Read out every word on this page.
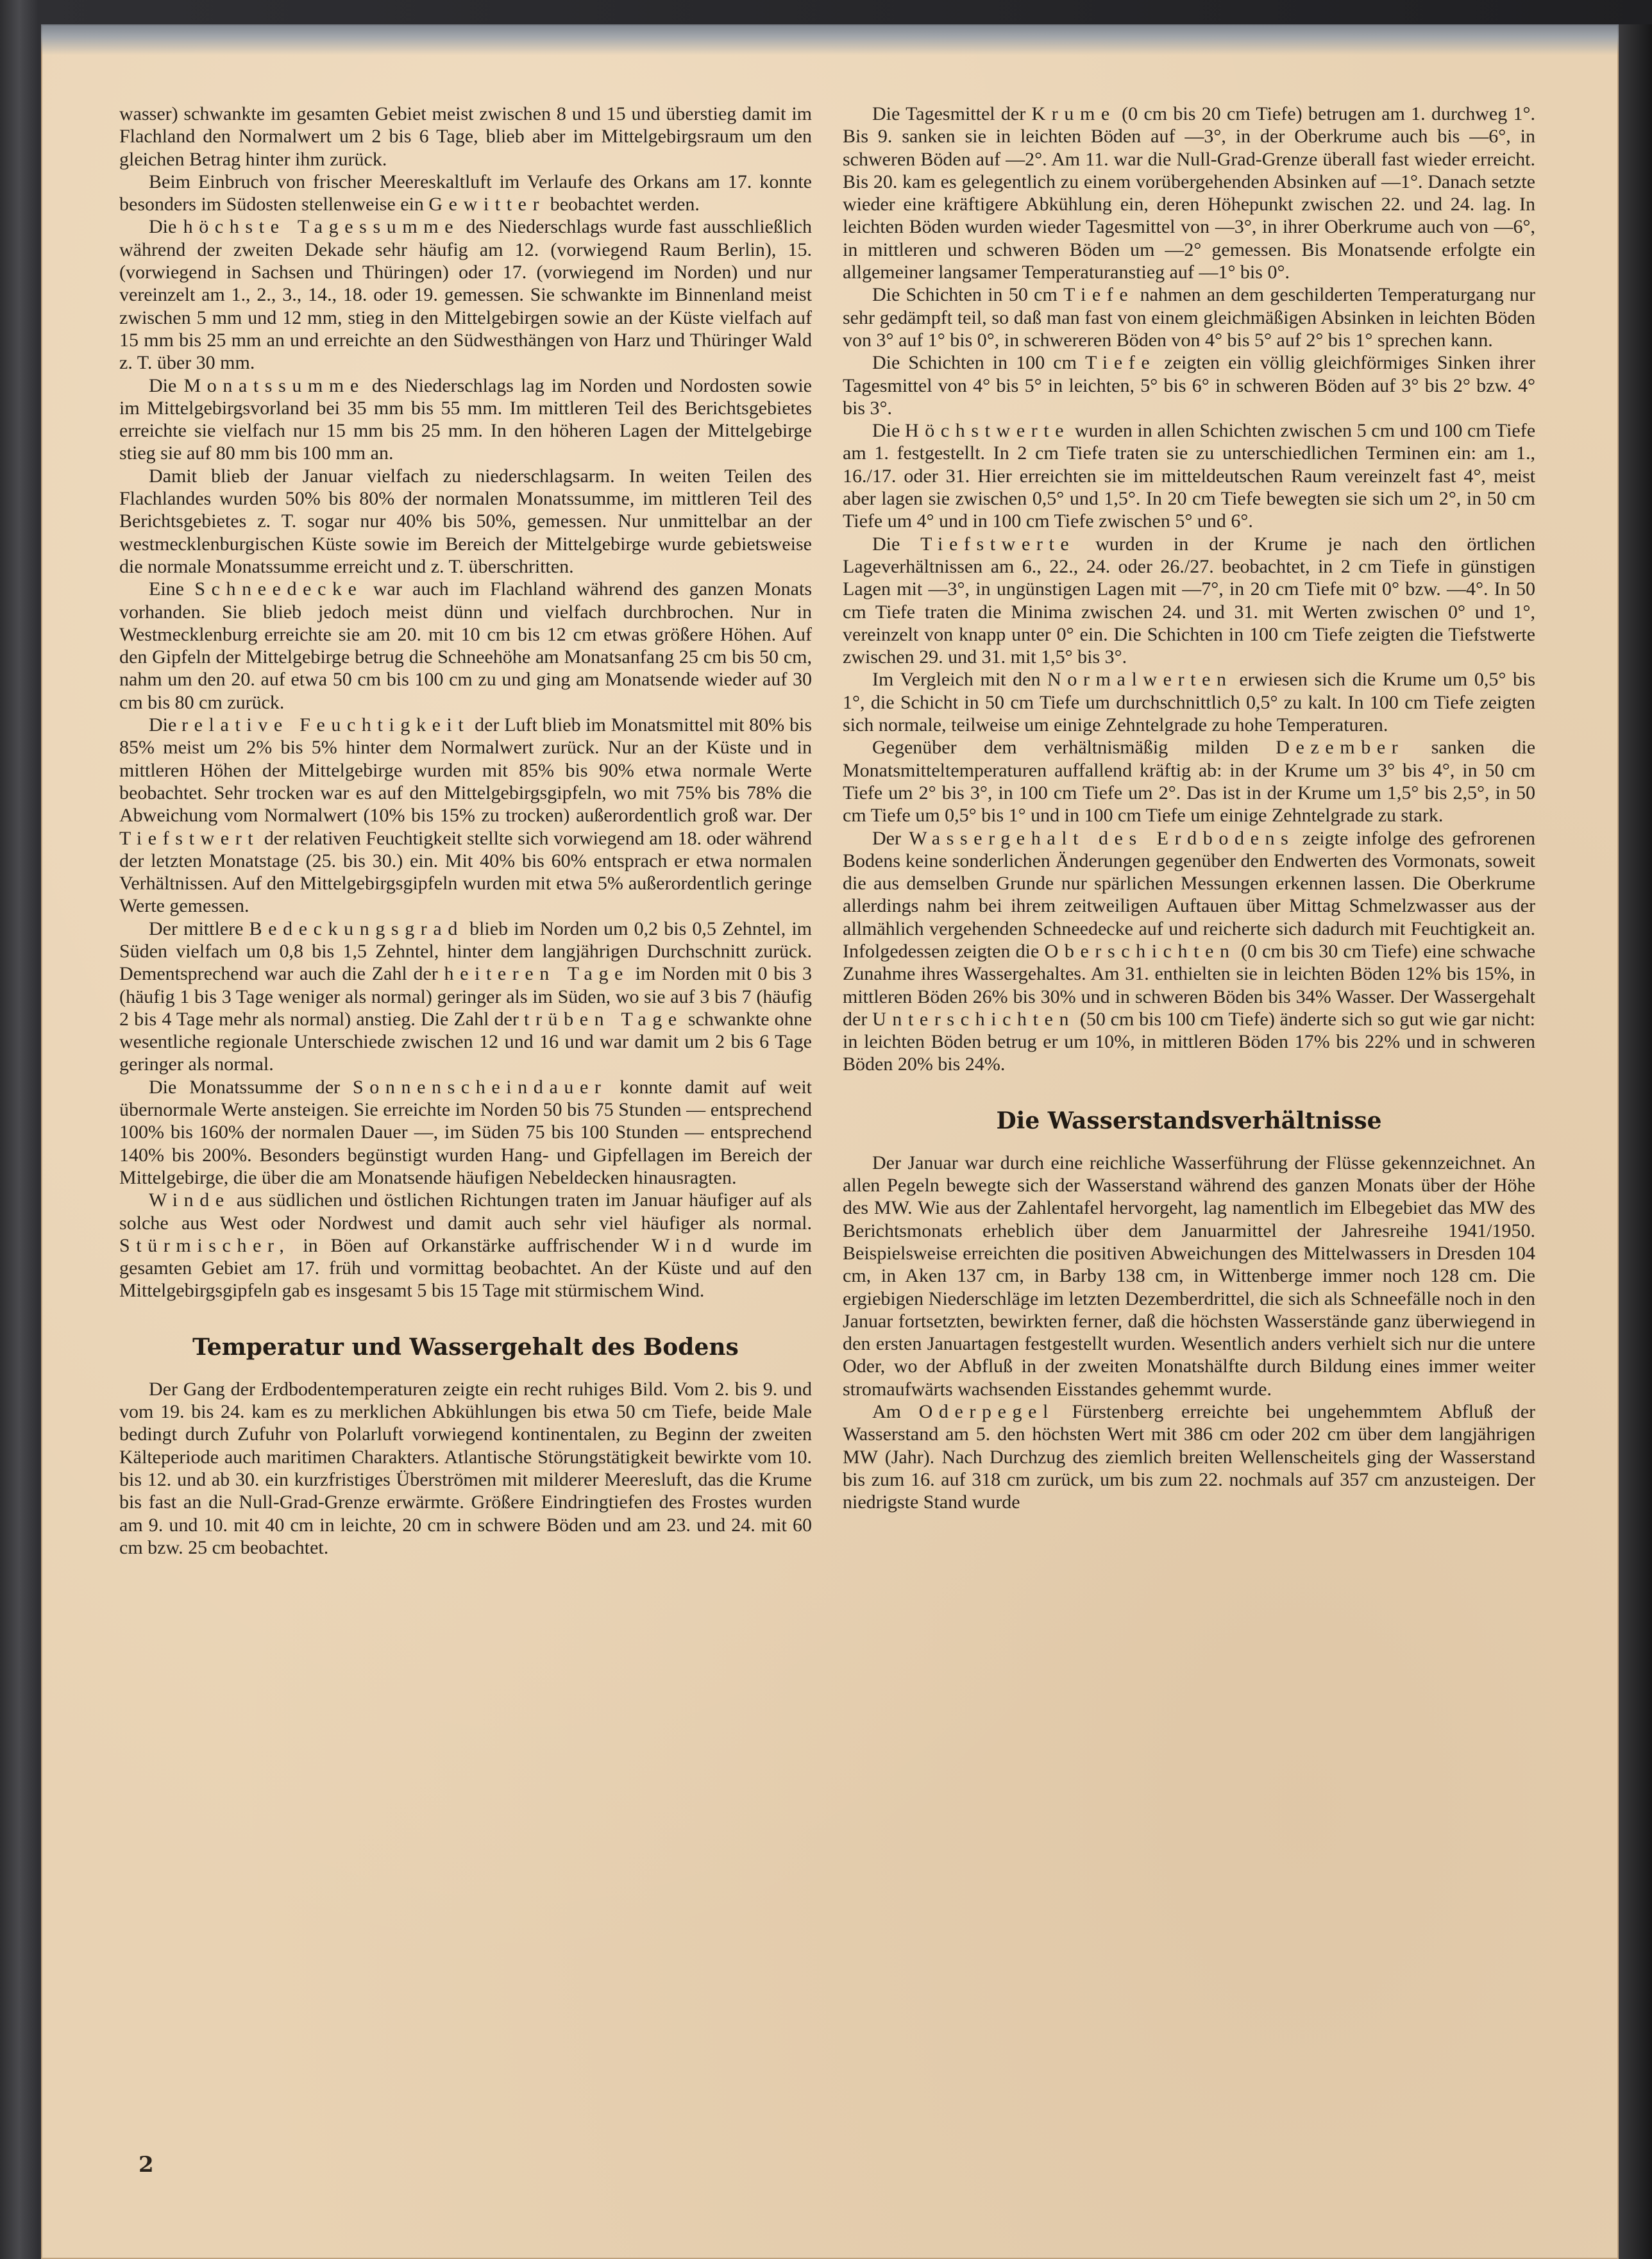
wasser) schwankte im gesamten Gebiet meist zwischen 8 und 15 und überstieg damit im Flachland den Normalwert um 2 bis 6 Tage, blieb aber im Mittelgebirgsraum um den gleichen Betrag hinter ihm zurück.

Beim Einbruch von frischer Meereskaltluft im Verlaufe des Orkans am 17. konnte besonders im Südosten stellenweise ein Gewitter beobachtet werden.

Die höchste Tagessumme des Niederschlags wurde fast ausschließlich während der zweiten Dekade sehr häufig am 12. (vorwiegend Raum Berlin), 15. (vorwiegend in Sachsen und Thüringen) oder 17. (vorwiegend im Norden) und nur vereinzelt am 1., 2., 3., 14., 18. oder 19. gemessen. Sie schwankte im Binnenland meist zwischen 5 mm und 12 mm, stieg in den Mittelgebirgen sowie an der Küste vielfach auf 15 mm bis 25 mm an und erreichte an den Südwesthängen von Harz und Thüringer Wald z. T. über 30 mm.

Die Monatssumme des Niederschlags lag im Norden und Nordosten sowie im Mittelgebirgsvorland bei 35 mm bis 55 mm. Im mittleren Teil des Berichtsgebietes erreichte sie vielfach nur 15 mm bis 25 mm. In den höheren Lagen der Mittelgebirge stieg sie auf 80 mm bis 100 mm an.

Damit blieb der Januar vielfach zu niederschlagsarm. In weiten Teilen des Flachlandes wurden 50% bis 80% der normalen Monatssumme, im mittleren Teil des Berichtsgebietes z. T. sogar nur 40% bis 50%, gemessen. Nur unmittelbar an der westmecklenburgischen Küste sowie im Bereich der Mittelgebirge wurde gebietsweise die normale Monatssumme erreicht und z. T. überschritten.

Eine Schneedecke war auch im Flachland während des ganzen Monats vorhanden. Sie blieb jedoch meist dünn und vielfach durchbrochen. Nur in Westmecklenburg erreichte sie am 20. mit 10 cm bis 12 cm etwas größere Höhen. Auf den Gipfeln der Mittelgebirge betrug die Schneehöhe am Monatsanfang 25 cm bis 50 cm, nahm um den 20. auf etwa 50 cm bis 100 cm zu und ging am Monatsende wieder auf 30 cm bis 80 cm zurück.

Die relative Feuchtigkeit der Luft blieb im Monatsmittel mit 80% bis 85% meist um 2% bis 5% hinter dem Normalwert zurück. Nur an der Küste und in mittleren Höhen der Mittelgebirge wurden mit 85% bis 90% etwa normale Werte beobachtet. Sehr trocken war es auf den Mittelgebirgsgipfeln, wo mit 75% bis 78% die Abweichung vom Normalwert (10% bis 15% zu trocken) außerordentlich groß war. Der Tiefstwert der relativen Feuchtigkeit stellte sich vorwiegend am 18. oder während der letzten Monatstage (25. bis 30.) ein. Mit 40% bis 60% entsprach er etwa normalen Verhältnissen. Auf den Mittelgebirgsgipfeln wurden mit etwa 5% außerordentlich geringe Werte gemessen.

Der mittlere Bedeckungsgrad blieb im Norden um 0,2 bis 0,5 Zehntel, im Süden vielfach um 0,8 bis 1,5 Zehntel, hinter dem langjährigen Durchschnitt zurück. Dementsprechend war auch die Zahl der heiteren Tage im Norden mit 0 bis 3 (häufig 1 bis 3 Tage weniger als normal) geringer als im Süden, wo sie auf 3 bis 7 (häufig 2 bis 4 Tage mehr als normal) anstieg. Die Zahl der trüben Tage schwankte ohne wesentliche regionale Unterschiede zwischen 12 und 16 und war damit um 2 bis 6 Tage geringer als normal.

Die Monatssumme der Sonnenscheindauer konnte damit auf weit übernormale Werte ansteigen. Sie erreichte im Norden 50 bis 75 Stunden — entsprechend 100% bis 160% der normalen Dauer —, im Süden 75 bis 100 Stunden — entsprechend 140% bis 200%. Besonders begünstigt wurden Hang- und Gipfellagen im Bereich der Mittelgebirge, die über die am Monatsende häufigen Nebeldecken hinausragten.

Winde aus südlichen und östlichen Richtungen traten im Januar häufiger auf als solche aus West oder Nordwest und damit auch sehr viel häufiger als normal. Stürmischer, in Böen auf Orkanstärke auffrischender Wind wurde im gesamten Gebiet am 17. früh und vormittag beobachtet. An der Küste und auf den Mittelgebirgsgipfeln gab es insgesamt 5 bis 15 Tage mit stürmischem Wind.

Temperatur und Wassergehalt des Bodens

Der Gang der Erdbodentemperaturen zeigte ein recht ruhiges Bild. Vom 2. bis 9. und vom 19. bis 24. kam es zu merklichen Abkühlungen bis etwa 50 cm Tiefe, beide Male bedingt durch Zufuhr von Polarluft vorwiegend kontinentalen, zu Beginn der zweiten Kälteperiode auch maritimen Charakters. Atlantische Störungstätigkeit bewirkte vom 10. bis 12. und ab 30. ein kurzfristiges Überströmen mit milderer Meeresluft, das die Krume bis fast an die Null-Grad-Grenze erwärmte. Größere Eindringtiefen des Frostes wurden am 9. und 10. mit 40 cm in leichte, 20 cm in schwere Böden und am 23. und 24. mit 60 cm bzw. 25 cm beobachtet.

Die Tagesmittel der Krume (0 cm bis 20 cm Tiefe) betrugen am 1. durchweg 1°. Bis 9. sanken sie in leichten Böden auf —3°, in der Oberkrume auch bis —6°, in schweren Böden auf —2°. Am 11. war die Null-Grad-Grenze überall fast wieder erreicht. Bis 20. kam es gelegentlich zu einem vorübergehenden Absinken auf —1°. Danach setzte wieder eine kräftigere Abkühlung ein, deren Höhepunkt zwischen 22. und 24. lag. In leichten Böden wurden wieder Tagesmittel von —3°, in ihrer Oberkrume auch von —6°, in mittleren und schweren Böden um —2° gemessen. Bis Monatsende erfolgte ein allgemeiner langsamer Temperaturanstieg auf —1° bis 0°.

Die Schichten in 50 cm Tiefe nahmen an dem geschilderten Temperaturgang nur sehr gedämpft teil, so daß man fast von einem gleichmäßigen Absinken in leichten Böden von 3° auf 1° bis 0°, in schwereren Böden von 4° bis 5° auf 2° bis 1° sprechen kann.

Die Schichten in 100 cm Tiefe zeigten ein völlig gleichförmiges Sinken ihrer Tagesmittel von 4° bis 5° in leichten, 5° bis 6° in schweren Böden auf 3° bis 2° bzw. 4° bis 3°.

Die Höchstwerte wurden in allen Schichten zwischen 5 cm und 100 cm Tiefe am 1. festgestellt. In 2 cm Tiefe traten sie zu unterschiedlichen Terminen ein: am 1., 16./17. oder 31. Hier erreichten sie im mitteldeutschen Raum vereinzelt fast 4°, meist aber lagen sie zwischen 0,5° und 1,5°. In 20 cm Tiefe bewegten sie sich um 2°, in 50 cm Tiefe um 4° und in 100 cm Tiefe zwischen 5° und 6°.

Die Tiefstwerte wurden in der Krume je nach den örtlichen Lageverhältnissen am 6., 22., 24. oder 26./27. beobachtet, in 2 cm Tiefe in günstigen Lagen mit —3°, in ungünstigen Lagen mit —7°, in 20 cm Tiefe mit 0° bzw. —4°. In 50 cm Tiefe traten die Minima zwischen 24. und 31. mit Werten zwischen 0° und 1°, vereinzelt von knapp unter 0° ein. Die Schichten in 100 cm Tiefe zeigten die Tiefstwerte zwischen 29. und 31. mit 1,5° bis 3°.

Im Vergleich mit den Normalwerten erwiesen sich die Krume um 0,5° bis 1°, die Schicht in 50 cm Tiefe um durchschnittlich 0,5° zu kalt. In 100 cm Tiefe zeigten sich normale, teilweise um einige Zehntelgrade zu hohe Temperaturen.

Gegenüber dem verhältnismäßig milden Dezember sanken die Monatsmitteltemperaturen auffallend kräftig ab: in der Krume um 3° bis 4°, in 50 cm Tiefe um 2° bis 3°, in 100 cm Tiefe um 2°. Das ist in der Krume um 1,5° bis 2,5°, in 50 cm Tiefe um 0,5° bis 1° und in 100 cm Tiefe um einige Zehntelgrade zu stark.

Der Wassergehalt des Erdbodens zeigte infolge des gefrorenen Bodens keine sonderlichen Änderungen gegenüber den Endwerten des Vormonats, soweit die aus demselben Grunde nur spärlichen Messungen erkennen lassen. Die Oberkrume allerdings nahm bei ihrem zeitweiligen Auftauen über Mittag Schmelzwasser aus der allmählich vergehenden Schneedecke auf und reicherte sich dadurch mit Feuchtigkeit an. Infolgedessen zeigten die Oberschichten (0 cm bis 30 cm Tiefe) eine schwache Zunahme ihres Wassergehaltes. Am 31. enthielten sie in leichten Böden 12% bis 15%, in mittleren Böden 26% bis 30% und in schweren Böden bis 34% Wasser. Der Wassergehalt der Unterschichten (50 cm bis 100 cm Tiefe) änderte sich so gut wie gar nicht: in leichten Böden betrug er um 10%, in mittleren Böden 17% bis 22% und in schweren Böden 20% bis 24%.

Die Wasserstandsverhältnisse

Der Januar war durch eine reichliche Wasserführung der Flüsse gekennzeichnet. An allen Pegeln bewegte sich der Wasserstand während des ganzen Monats über der Höhe des MW. Wie aus der Zahlentafel hervorgeht, lag namentlich im Elbegebiet das MW des Berichtsmonats erheblich über dem Januarmittel der Jahresreihe 1941/1950. Beispielsweise erreichten die positiven Abweichungen des Mittelwassers in Dresden 104 cm, in Aken 137 cm, in Barby 138 cm, in Wittenberge immer noch 128 cm. Die ergiebigen Niederschläge im letzten Dezemberdrittel, die sich als Schneefälle noch in den Januar fortsetzten, bewirkten ferner, daß die höchsten Wasserstände ganz überwiegend in den ersten Januartagen festgestellt wurden. Wesentlich anders verhielt sich nur die untere Oder, wo der Abfluß in der zweiten Monatshälfte durch Bildung eines immer weiter stromaufwärts wachsenden Eisstandes gehemmt wurde.

Am Oderpegel Fürstenberg erreichte bei ungehemmtem Abfluß der Wasserstand am 5. den höchsten Wert mit 386 cm oder 202 cm über dem langjährigen MW (Jahr). Nach Durchzug des ziemlich breiten Wellenscheitels ging der Wasserstand bis zum 16. auf 318 cm zurück, um bis zum 22. nochmals auf 357 cm anzusteigen. Der niedrigste Stand wurde

2
